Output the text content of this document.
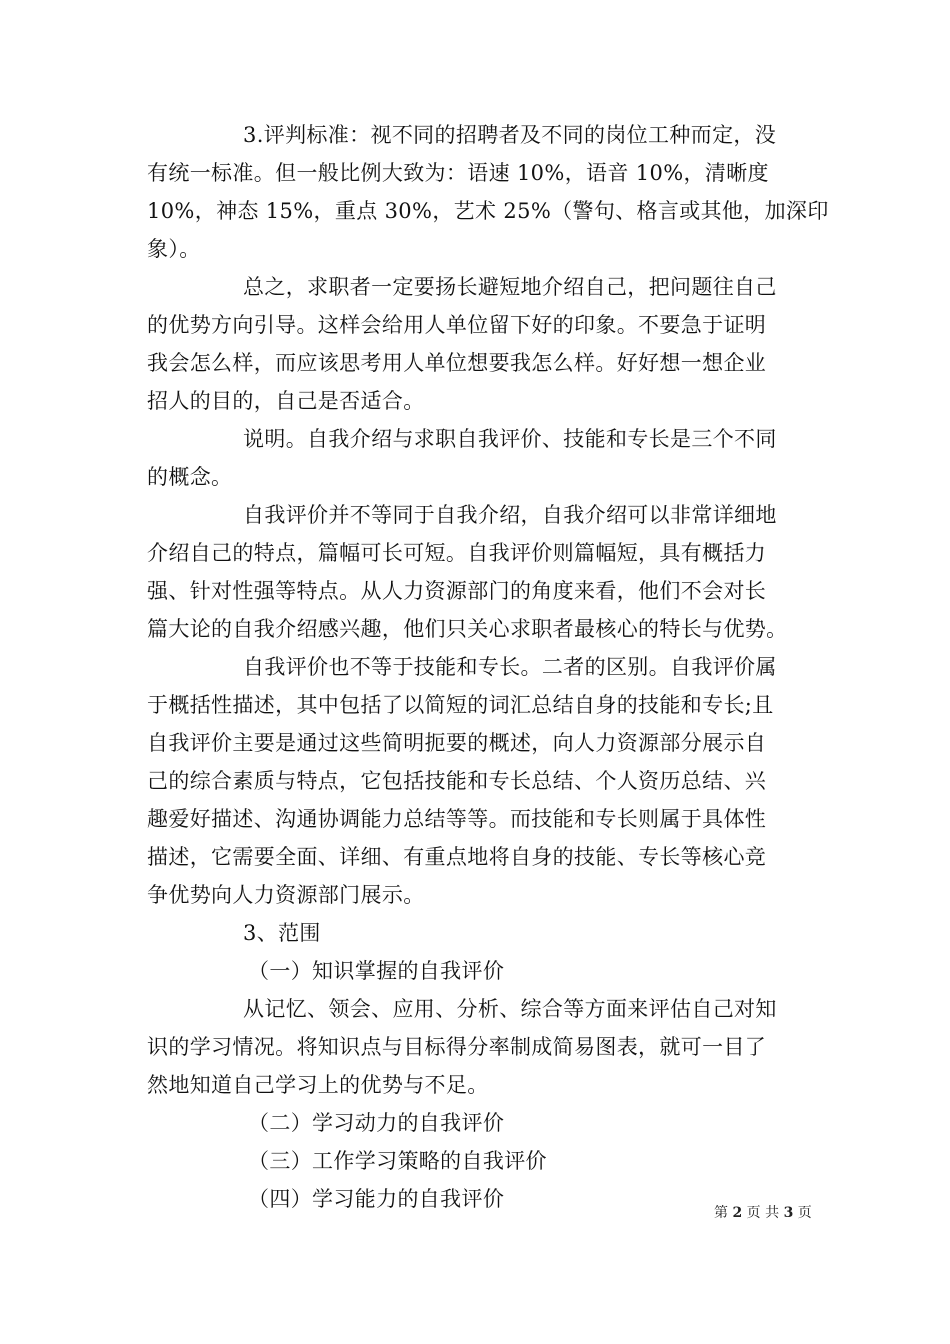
3.评判标准：视不同的招聘者及不同的岗位工种而定，没
有统一标准。但一般比例大致为：语速 10%，语音 10%，清晰度
10%，神态 15%，重点 30%，艺术 25%（警句、格言或其他，加深印
象）。
总之，求职者一定要扬长避短地介绍自己，把问题往自己
的优势方向引导。这样会给用人单位留下好的印象。不要急于证明
我会怎么样，而应该思考用人单位想要我怎么样。好好想一想企业
招人的目的，自己是否适合。
说明。自我介绍与求职自我评价、技能和专长是三个不同
的概念。
自我评价并不等同于自我介绍，自我介绍可以非常详细地
介绍自己的特点，篇幅可长可短。自我评价则篇幅短，具有概括力
强、针对性强等特点。从人力资源部门的角度来看，他们不会对长
篇大论的自我介绍感兴趣，他们只关心求职者最核心的特长与优势。
自我评价也不等于技能和专长。二者的区别。自我评价属
于概括性描述，其中包括了以简短的词汇总结自身的技能和专长;且
自我评价主要是通过这些简明扼要的概述，向人力资源部分展示自
己的综合素质与特点，它包括技能和专长总结、个人资历总结、兴
趣爱好描述、沟通协调能力总结等等。而技能和专长则属于具体性
描述，它需要全面、详细、有重点地将自身的技能、专长等核心竞
争优势向人力资源部门展示。
3、范围
（一）知识掌握的自我评价
从记忆、领会、应用、分析、综合等方面来评估自己对知
识的学习情况。将知识点与目标得分率制成简易图表，就可一目了
然地知道自己学习上的优势与不足。
（二）学习动力的自我评价
（三）工作学习策略的自我评价
（四）学习能力的自我评价
第 2 页 共 3 页
